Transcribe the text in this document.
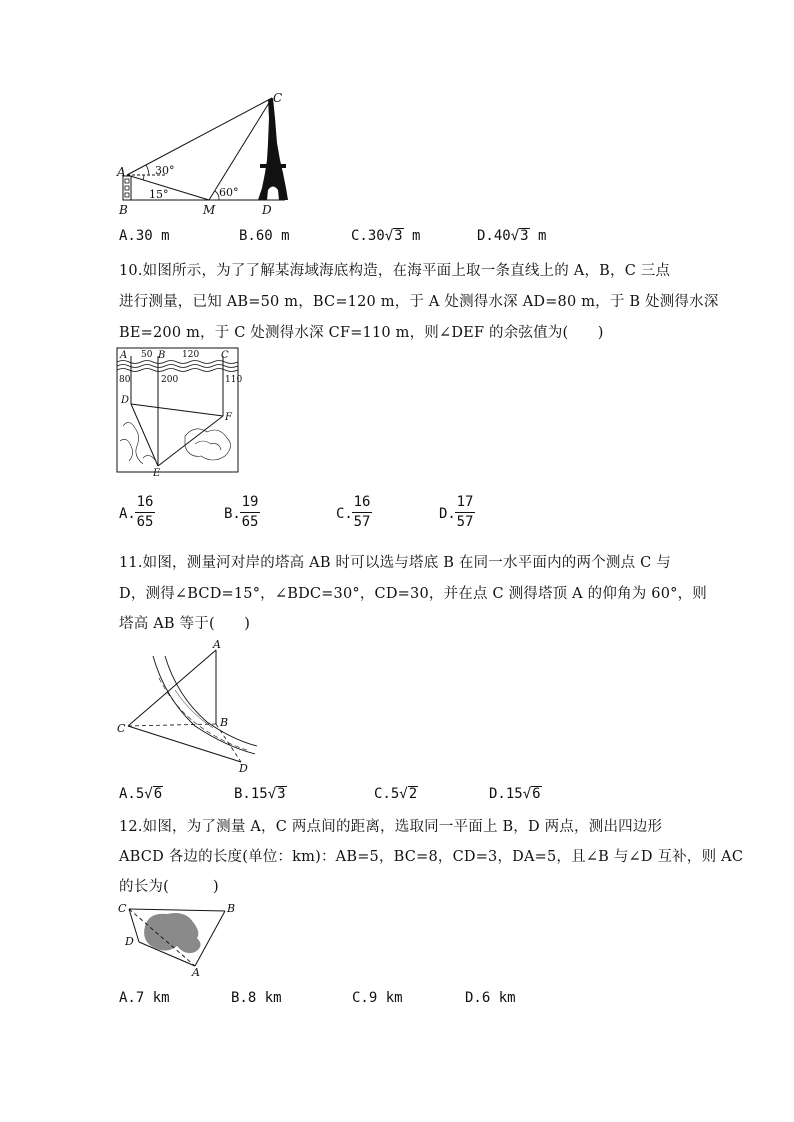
C
A
B	M	D
30°
15°	60°
A.30 m	B.60 m	C.30√3 m	D.40√3 m
10.如图所示，为了了解某海域海底构造，在海平面上取一条直线上的 A，B，C 三点
进行测量，已知 AB=50 m，BC=120 m，于 A 处测得水深 AD=80 m，于 B 处测得水深
BE=200 m，于 C 处测得水深 CF=110 m，则∠DEF 的余弦值为(　　)
A 50 B 120 C
80	200	110
D
F
E
A.
16
65	B.
19
65	C.
16
57	D.
17
57
11.如图，测量河对岸的塔高 AB 时可以选与塔底 B 在同一水平面内的两个测点 C 与
D，测得∠BCD=15°，∠BDC=30°，CD=30，并在点 C 测得塔顶 A 的仰角为 60°，则
塔高 AB 等于(　　)
A
B
C
D
A.5√6	B.15√3	C.5√2	D.15√6
12.如图，为了测量 A，C 两点间的距离，选取同一平面上 B，D 两点，测出四边形
ABCD 各边的长度(单位：km)：AB=5，BC=8，CD=3，DA=5，且∠B 与∠D 互补，则 AC
的长为(　　　)
C	B
D
A
A.7 km	B.8 km	C.9 km	D.6 km
